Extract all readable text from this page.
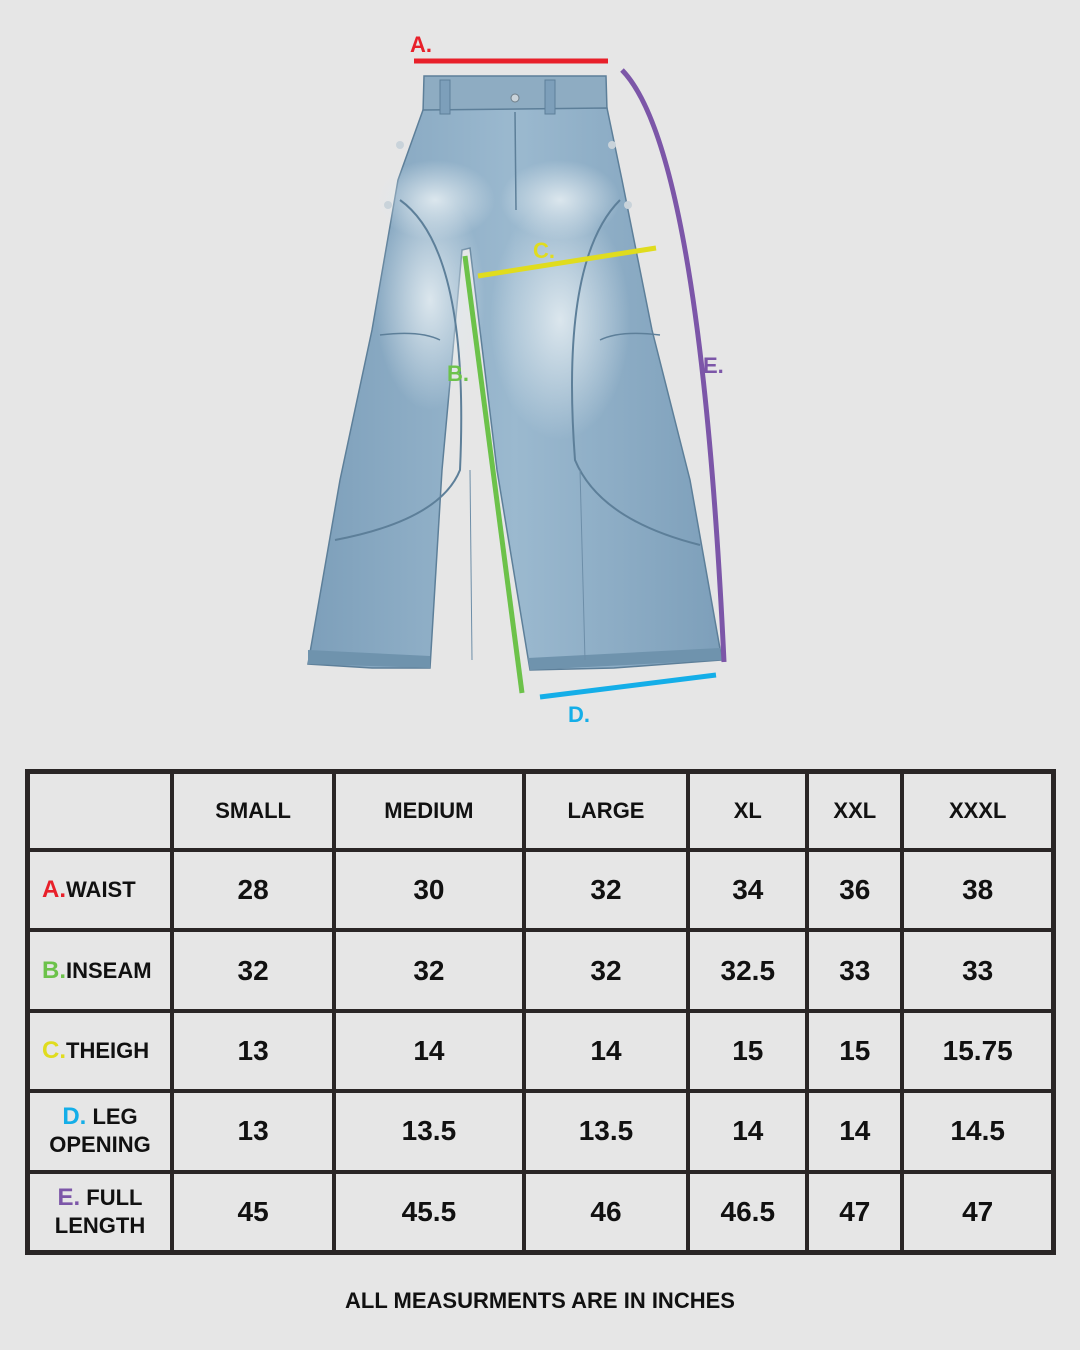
A.
B.
C.
D.
E.
	SMALL	MEDIUM	LARGE	XL	XXL	XXXL
A.WAIST	28	30	32	34	36	38
B.INSEAM	32	32	32	32.5	33	33
C.THEIGH	13	14	14	15	15	15.75
D. LEG
OPENING	13	13.5	13.5	14	14	14.5
E. FULL
LENGTH	45	45.5	46	46.5	47	47
ALL MEASURMENTS ARE IN INCHES
